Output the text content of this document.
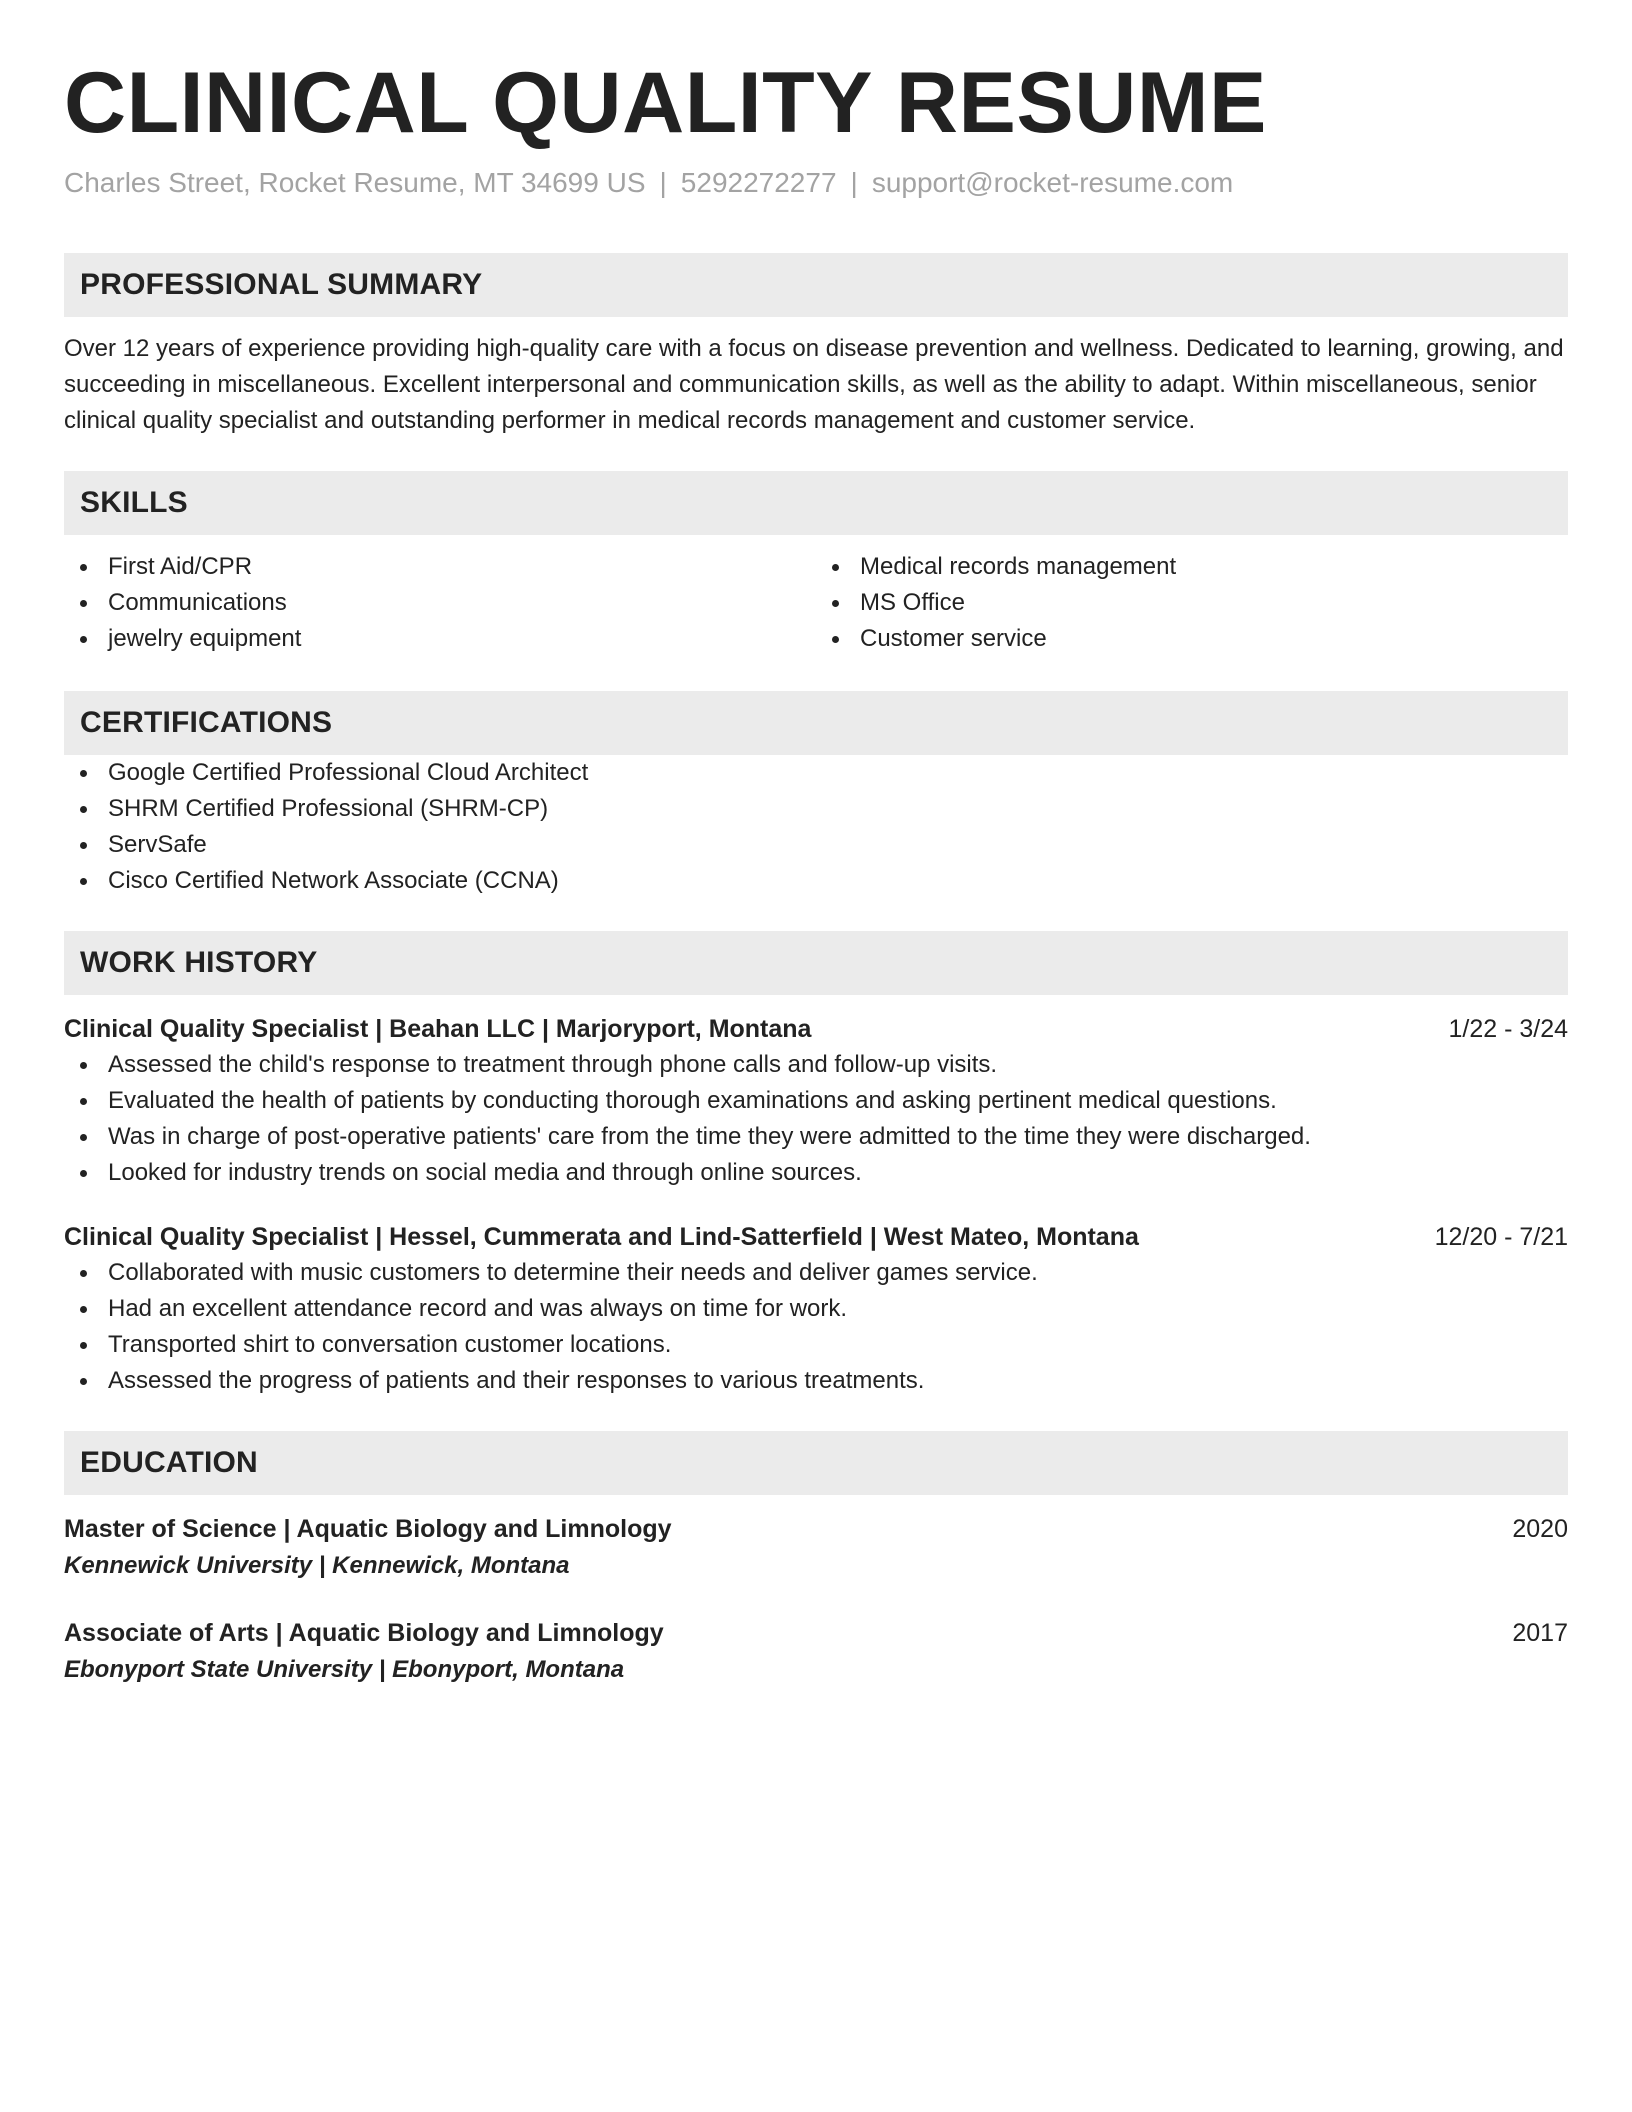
CLINICAL QUALITY RESUME
Charles Street, Rocket Resume, MT 34699 US | 5292272277 | support@rocket-resume.com
PROFESSIONAL SUMMARY
Over 12 years of experience providing high-quality care with a focus on disease prevention and wellness. Dedicated to learning, growing, and succeeding in miscellaneous. Excellent interpersonal and communication skills, as well as the ability to adapt. Within miscellaneous, senior clinical quality specialist and outstanding performer in medical records management and customer service.
SKILLS
First Aid/CPR
Communications
jewelry equipment
Medical records management
MS Office
Customer service
CERTIFICATIONS
Google Certified Professional Cloud Architect
SHRM Certified Professional (SHRM-CP)
ServSafe
Cisco Certified Network Associate (CCNA)
WORK HISTORY
Clinical Quality Specialist | Beahan LLC | Marjoryport, Montana	1/22 - 3/24
Assessed the child's response to treatment through phone calls and follow-up visits.
Evaluated the health of patients by conducting thorough examinations and asking pertinent medical questions.
Was in charge of post-operative patients' care from the time they were admitted to the time they were discharged.
Looked for industry trends on social media and through online sources.
Clinical Quality Specialist | Hessel, Cummerata and Lind-Satterfield | West Mateo, Montana	12/20 - 7/21
Collaborated with music customers to determine their needs and deliver games service.
Had an excellent attendance record and was always on time for work.
Transported shirt to conversation customer locations.
Assessed the progress of patients and their responses to various treatments.
EDUCATION
Master of Science | Aquatic Biology and Limnology	2020
Kennewick University | Kennewick, Montana
Associate of Arts | Aquatic Biology and Limnology	2017
Ebonyport State University | Ebonyport, Montana
